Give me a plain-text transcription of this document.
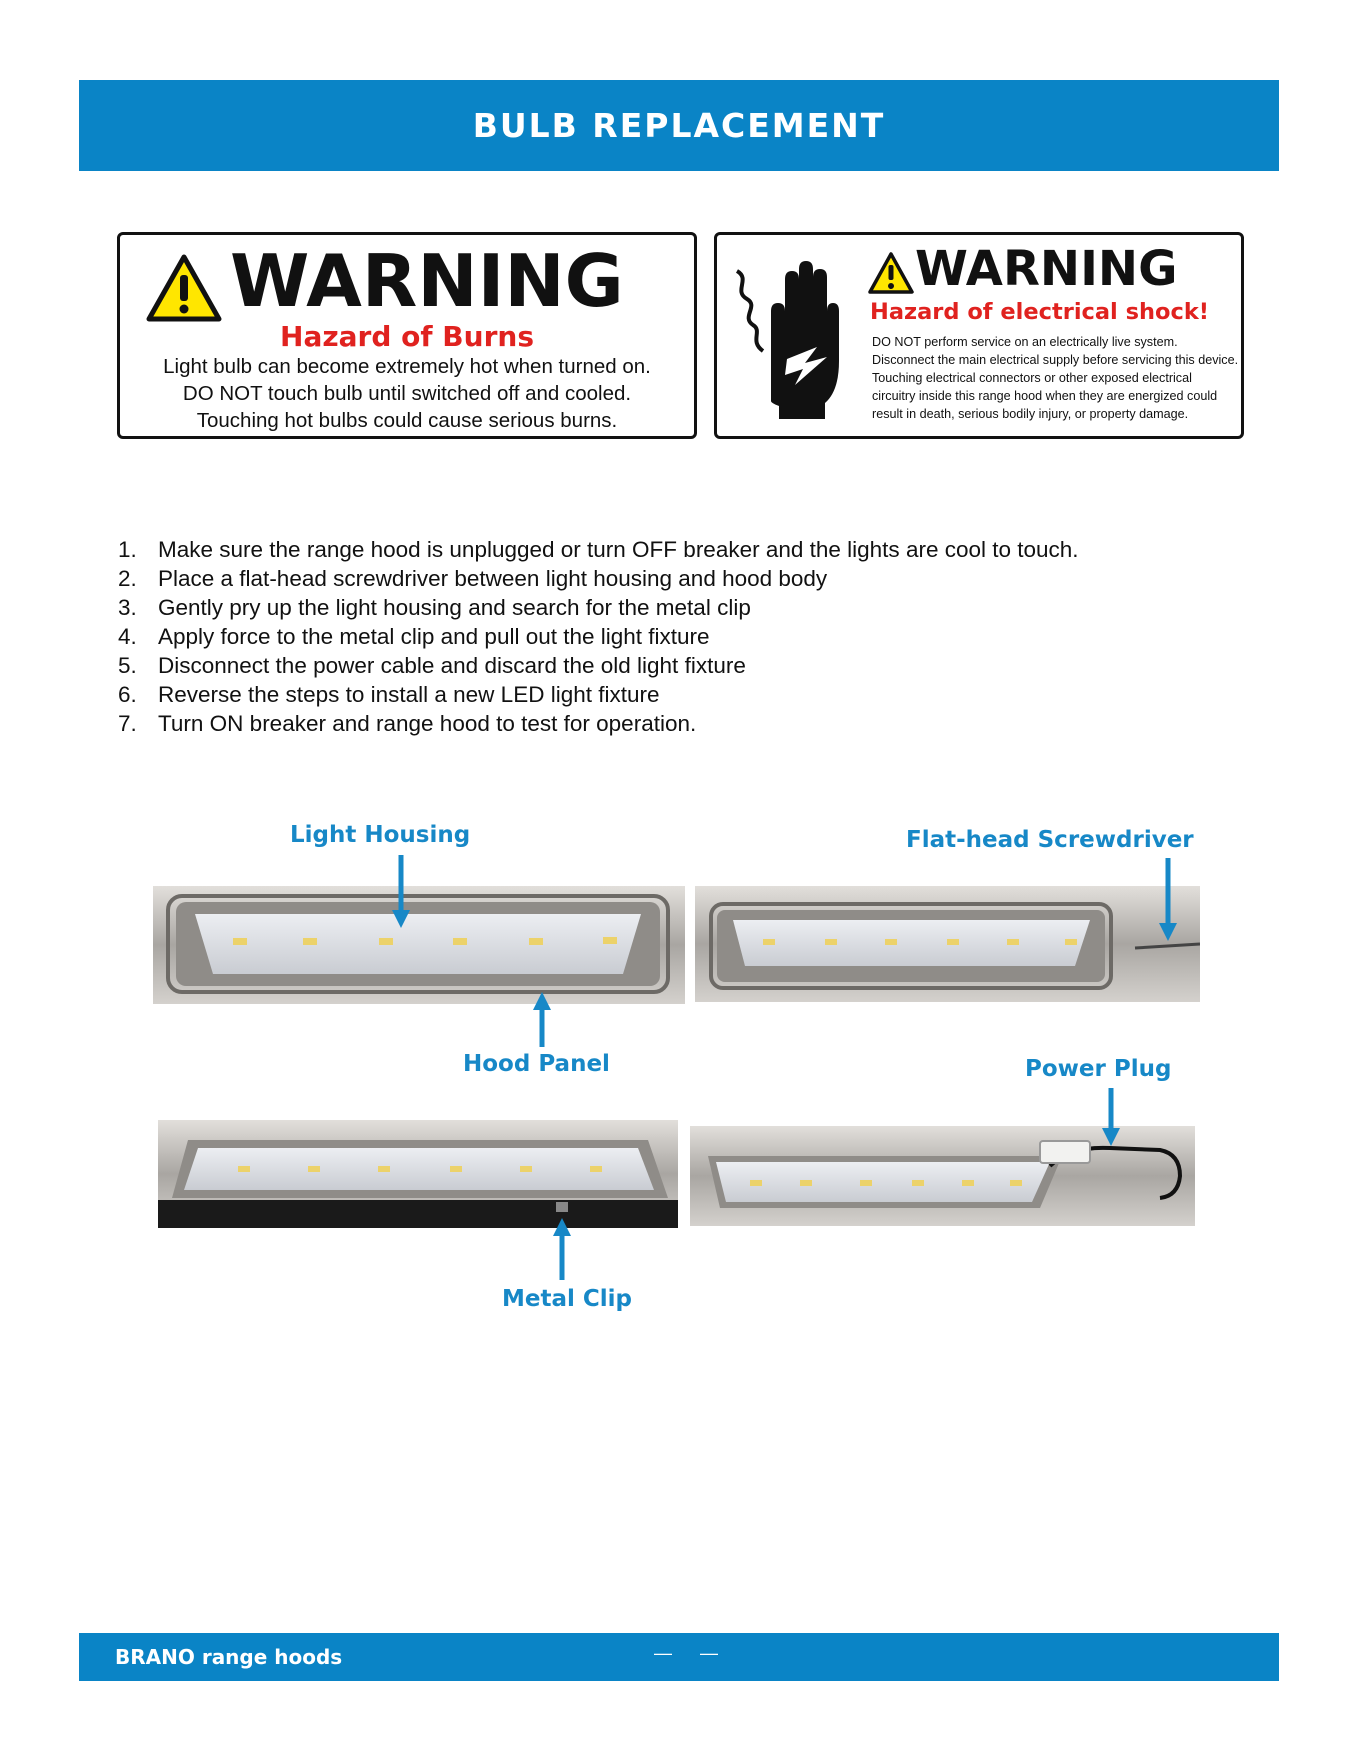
BULB REPLACEMENT
WARNING
Hazard of Burns
Light bulb can become extremely hot when turned on.
DO NOT touch bulb until switched off and cooled.
Touching hot bulbs could cause serious burns.
WARNING
Hazard of electrical shock!
DO NOT perform service on an electrically live system.
Disconnect the main electrical supply before servicing this device.
Touching electrical connectors or other exposed electrical
circuitry inside this range hood when they are energized could
result in death, serious bodily injury, or property damage.
1. Make sure the range hood is unplugged or turn OFF breaker and the lights are cool to touch.
2. Place a flat-head screwdriver between light housing and hood body
3. Gently pry up the light housing and search for the metal clip
4. Apply force to the metal clip and pull out the light fixture
5. Disconnect the power cable and discard the old light fixture
6. Reverse the steps to install a new LED light fixture
7. Turn ON breaker and range hood to test for operation.
Light Housing	Flat-head Screwdriver
Hood Panel	Power Plug
Metal Clip
BRANO range hoods	— —
